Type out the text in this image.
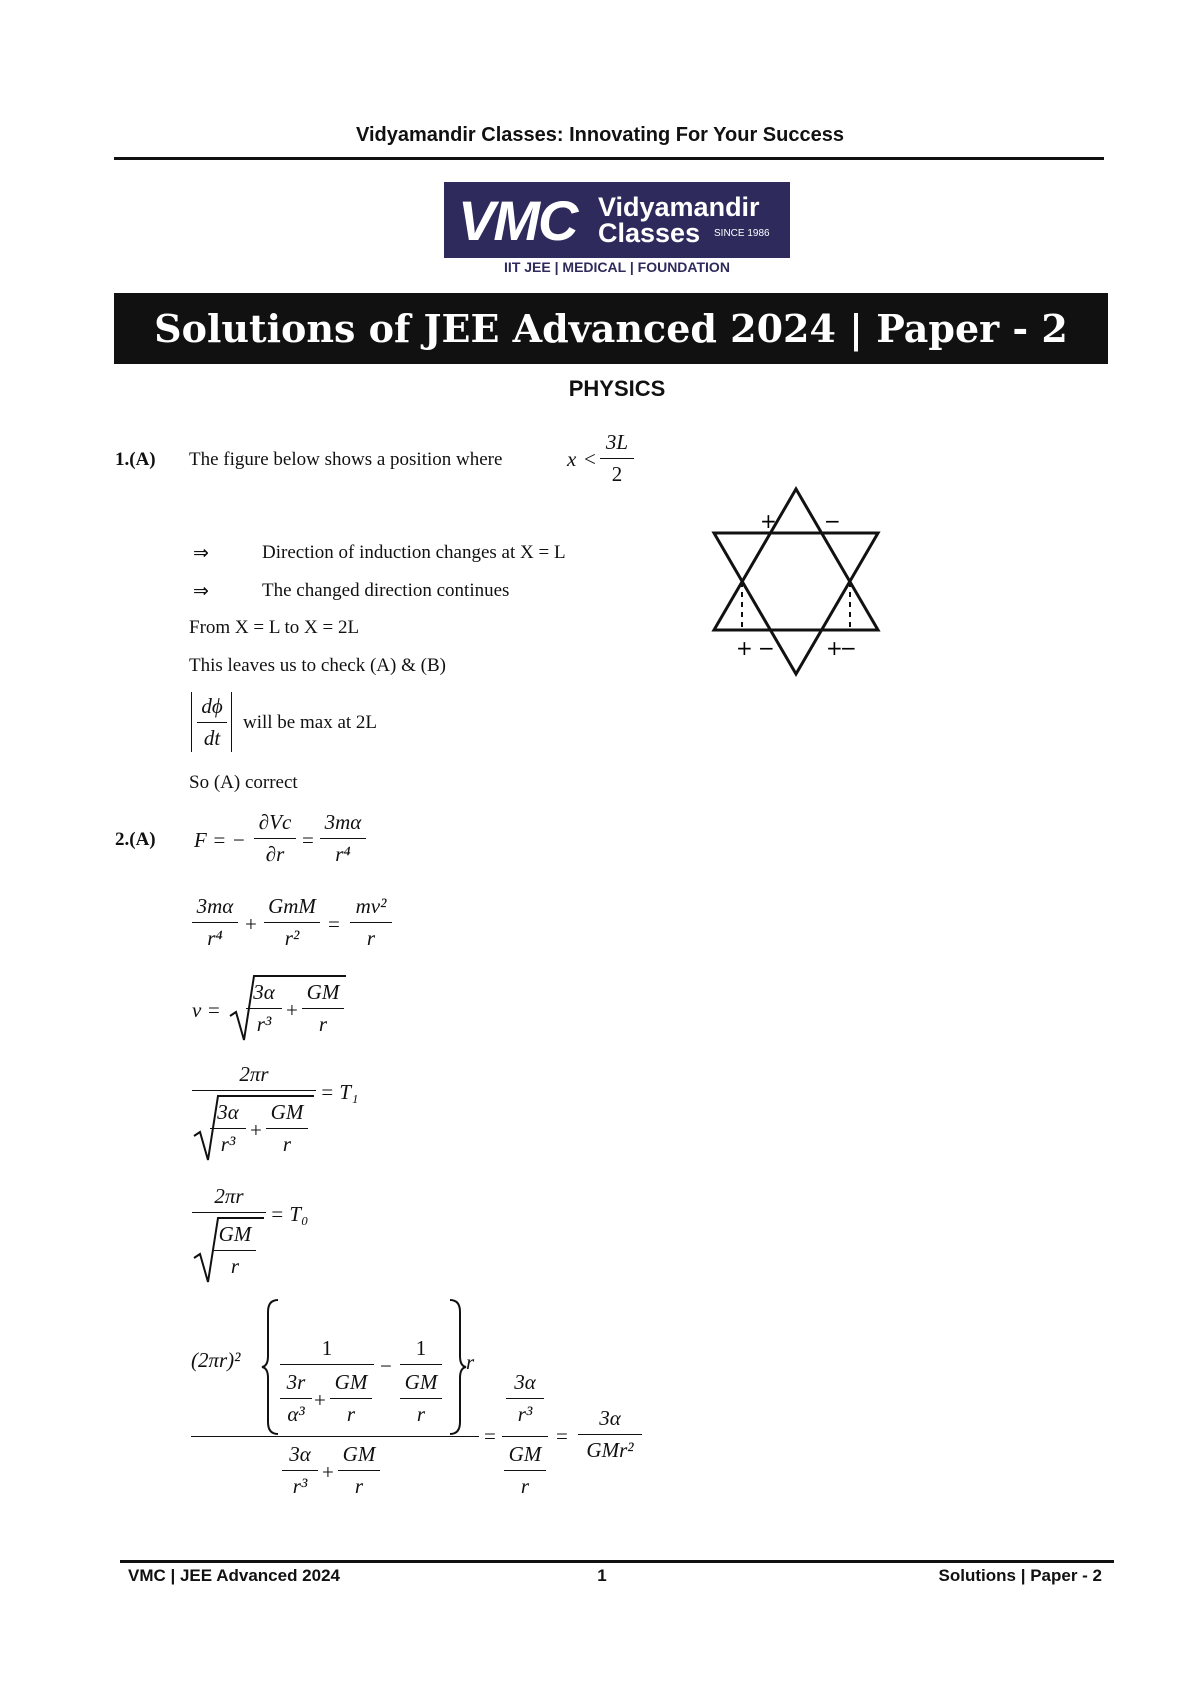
Vidyamandir Classes: Innovating For Your Success
VMC Vidyamandir
Classes	SINCE 1986
IIT JEE | MEDICAL | FOUNDATION
Solutions of JEE Advanced 2024 | Paper - 2
PHYSICS
1.(A) The figure below shows a position where	x <
3L
2
⇒	Direction of induction changes at X = L
⇒	The changed direction continues
From X = L to X = 2L
This leaves us to check (A) & (B)
dϕ
dt
will be max at 2L
So (A) correct
+ −
+ −	+
−
2.(A) F = −
∂Vc
∂r
=
3mα
r⁴
3mα
r⁴
+
GmM
r²
=
mv²
r
v =
3α
r³
+
GM
r
2πr
3α
r³
+
GM
r
= T₁
2πr
GM
r
= T₀
(2πr)²	1
3r
α³
+
GM
r
−
1
GM
r
r
3α
r³
+
GM
r
=
3α
r³
GM
r
=
3α
GMr²
VMC | JEE Advanced 2024	1	Solutions | Paper - 2
